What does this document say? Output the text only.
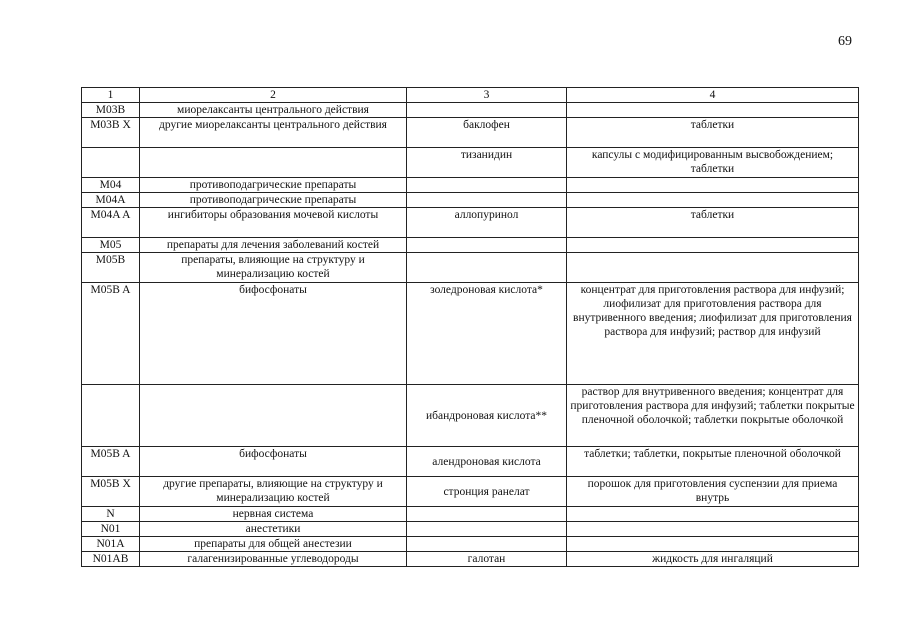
69
1	2	3	4
M03B	миорелаксанты центрального действия		
M03B X	другие миорелаксанты центрального действия	баклофен	таблетки
		тизанидин	капсулы с модифицированным высвобождением; таблетки
M04	противоподагрические препараты		
M04A	противоподагрические препараты		
M04A A	ингибиторы образования мочевой кислоты	аллопуринол	таблетки
M05	препараты для лечения заболеваний костей		
M05B	препараты, влияющие на структуру и минерализацию костей		
M05B A	бифосфонаты	золедроновая кислота*	концентрат для приготовления раствора для инфузий; лиофилизат для приготовления раствора для внутривенного введения; лиофилизат для приготовления раствора для инфузий; раствор для инфузий
		ибандроновая кислота**	раствор для внутривенного введения; концентрат для приготовления раствора для инфузий; таблетки покрытые пленочной оболочкой; таблетки покрытые оболочкой
M05B A	бифосфонаты	алендроновая кислота	таблетки; таблетки, покрытые пленочной оболочкой
M05B X	другие препараты, влияющие на структуру и минерализацию костей	стронция ранелат	порошок для приготовления суспензии для приема внутрь
N	нервная система		
N01	анестетики		
N01A	препараты для общей анестезии		
N01AB	галагенизированные углеводороды	галотан	жидкость для ингаляций
